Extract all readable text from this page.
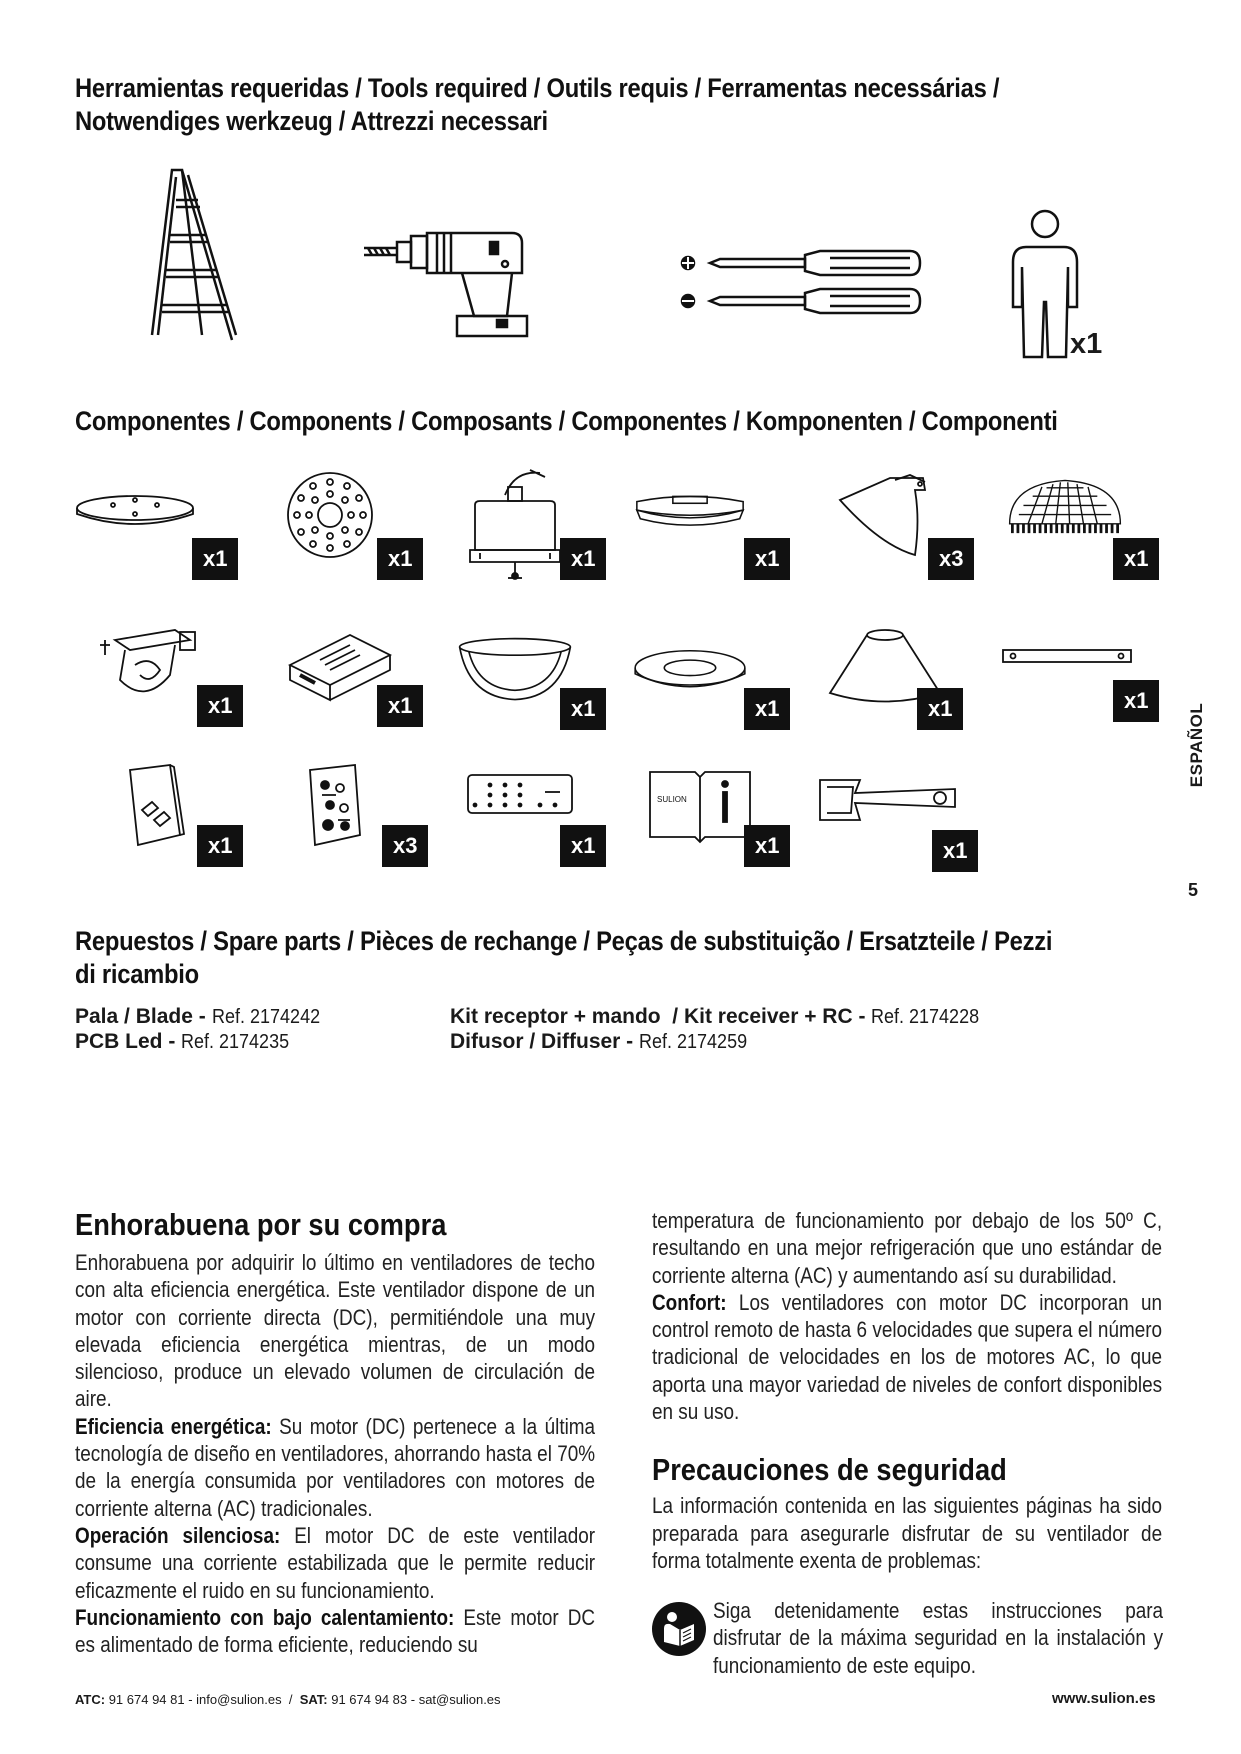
Herramientas requeridas / Tools required / Outils requis / Ferramentas necessárias /
Notwendiges werkzeug / Attrezzi necessari
x1
Componentes / Components / Composants / Componentes / Komponenten / Componenti
x1	x1	x1	x1	x3	x1
x1	x1	x1	x1	x1	x1
SULION
x1	x3	x1	x1	x1
ESPAÑOL
5
Repuestos / Spare parts / Pièces de rechange / Peças de substituição / Ersatzteile / Pezzi
di ricambio
Pala / Blade - Ref. 2174242
PCB Led - Ref. 2174235
Kit receptor + mando  / Kit receiver + RC - Ref. 2174228
Difusor / Diffuser - Ref. 2174259
Enhorabuena por su compra

Enhorabuena por adquirir lo último en ventiladores de techo con alta eficiencia energética. Este ventilador dispone de un motor con corriente directa (DC), permitiéndole una muy elevada eficiencia energética mientras, de un modo silencioso, produce un elevado volumen de circulación de aire.

Eficiencia energética: Su motor (DC) pertenece a la última tecnología de diseño en ventiladores, ahorrando hasta el 70% de la energía consumida por ventiladores con motores de corriente alterna (AC) tradicionales.

Operación silenciosa: El motor DC de este ventilador consume una corriente estabilizada que le permite reducir eficazmente el ruido en su funcionamiento.

Funcionamiento con bajo calentamiento: Este motor DC es alimentado de forma eficiente, reduciendo su

temperatura de funcionamiento por debajo de los 50º C, resultando en una mejor refrigeración que uno estándar de corriente alterna (AC) y aumentando así su durabilidad.

Confort: Los ventiladores con motor DC incorporan un control remoto de hasta 6 velocidades que supera el número tradicional de velocidades en los de motores AC, lo que aporta una mayor variedad de niveles de confort disponibles en su uso.

Precauciones de seguridad

La información contenida en las siguientes páginas ha sido preparada para asegurarle disfrutar de su ventilador de forma totalmente exenta de problemas:

Siga detenidamente estas instrucciones para disfrutar de la máxima seguridad en la instalación y funcionamiento de este equipo.

ATC: 91 674 94 81 - info@sulion.es  /  SAT: 91 674 94 83 - sat@sulion.es	www.sulion.es
